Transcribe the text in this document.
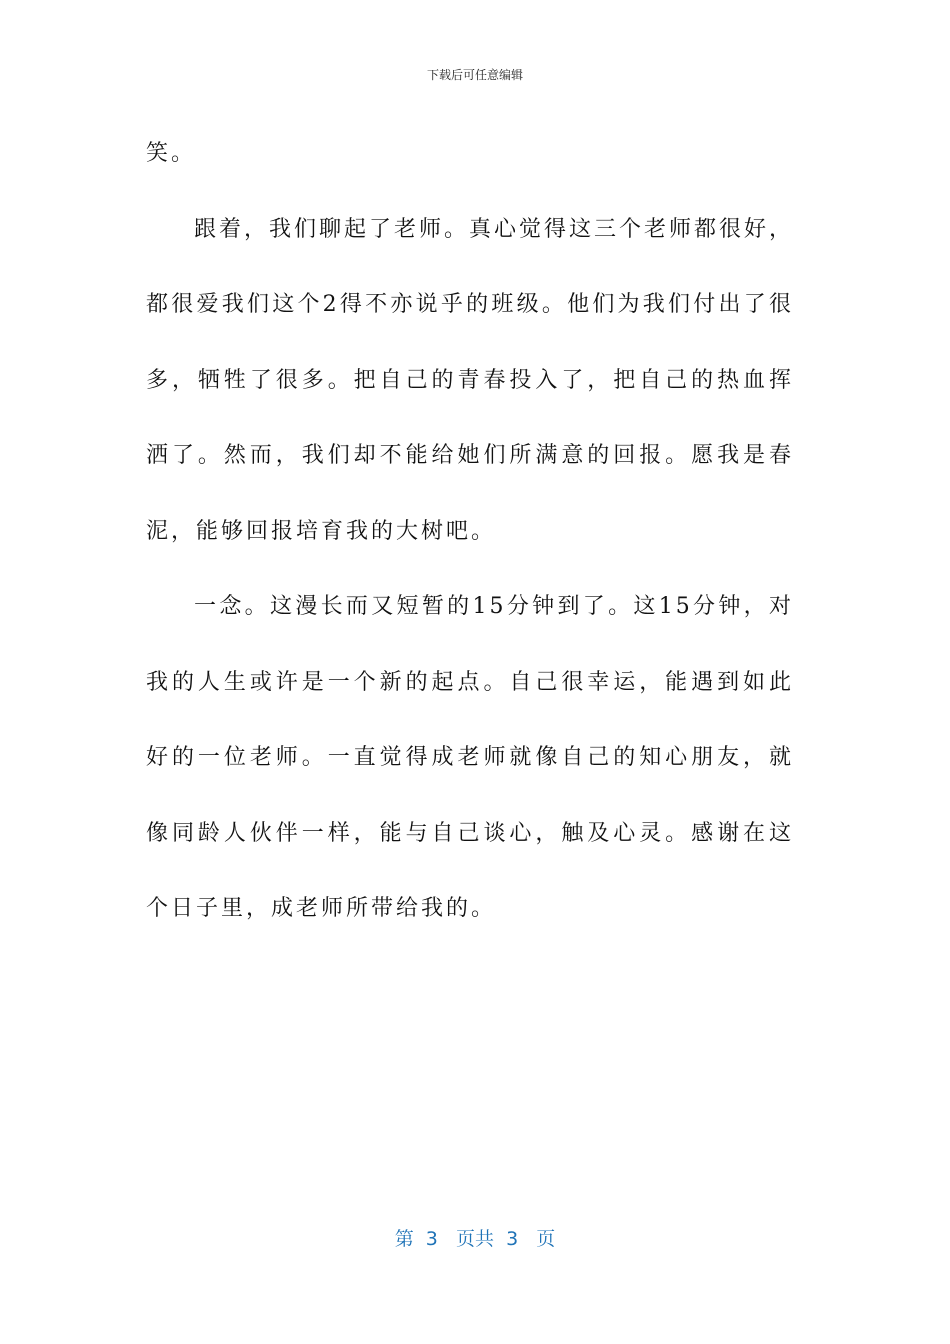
下载后可任意编辑

笑。

跟着，我们聊起了老师。真心觉得这三个老师都很好，都很爱我们这个2得不亦说乎的班级。他们为我们付出了很多，牺牲了很多。把自己的青春投入了，把自己的热血挥洒了。然而，我们却不能给她们所满意的回报。愿我是春泥，能够回报培育我的大树吧。

一念。这漫长而又短暂的15分钟到了。这15分钟，对我的人生或许是一个新的起点。自己很幸运，能遇到如此好的一位老师。一直觉得成老师就像自己的知心朋友，就像同龄人伙伴一样，能与自己谈心，触及心灵。感谢在这个日子里，成老师所带给我的。

第  3   页共  3   页
